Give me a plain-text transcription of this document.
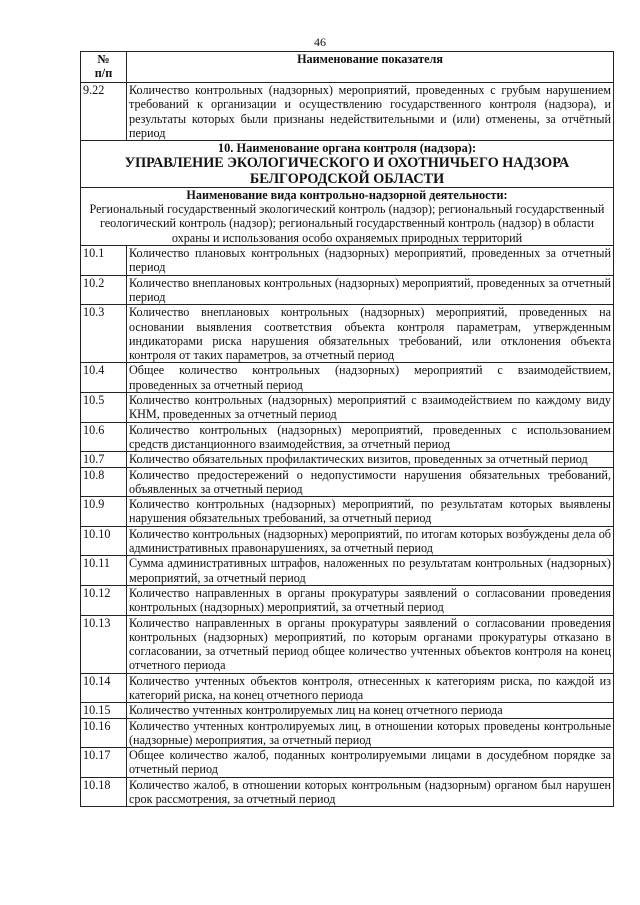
46
№
п/п	Наименование показателя
9.22	Количество контрольных (надзорных) мероприятий, проведенных с грубым нарушением требований к организации и осуществлению государственного контроля (надзора), и результаты которых были признаны недействительными и (или) отменены, за отчётный период

10. Наименование органа контроля (надзора):
УПРАВЛЕНИЕ ЭКОЛОГИЧЕСКОГО И ОХОТНИЧЬЕГО НАДЗОРА
БЕЛГОРОДСКОЙ ОБЛАСТИ	

Наименование вида контрольно-надзорной деятельности:
Региональный государственный экологический контроль (надзор); региональный государственный геологический контроль (надзор); региональный государственный контроль (надзор) в области охраны и использования особо охраняемых природных территорий	

10.1	Количество плановых контрольных (надзорных) мероприятий, проведенных за отчетный период
10.2	Количество внеплановых контрольных (надзорных) мероприятий, проведенных за отчетный период
10.3	Количество внеплановых контрольных (надзорных) мероприятий, проведенных на основании выявления соответствия объекта контроля параметрам, утвержденным индикаторами риска нарушения обязательных требований, или отклонения объекта контроля от таких параметров, за отчетный период
10.4	Общее количество контрольных (надзорных) мероприятий с взаимодействием, проведенных за отчетный период
10.5	Количество контрольных (надзорных) мероприятий с взаимодействием по каждому виду КНМ, проведенных за отчетный период
10.6	Количество контрольных (надзорных) мероприятий, проведенных с использованием средств дистанционного взаимодействия, за отчетный период
10.7	Количество обязательных профилактических визитов, проведенных за отчетный период
10.8	Количество предостережений о недопустимости нарушения обязательных требований, объявленных за отчетный период
10.9	Количество контрольных (надзорных) мероприятий, по результатам которых выявлены нарушения обязательных требований, за отчетный период
10.10	Количество контрольных (надзорных) мероприятий, по итогам которых возбуждены дела об административных правонарушениях, за отчетный период
10.11	Сумма административных штрафов, наложенных по результатам контрольных (надзорных) мероприятий, за отчетный период
10.12	Количество направленных в органы прокуратуры заявлений о согласовании проведения контрольных (надзорных) мероприятий, за отчетный период
10.13	Количество направленных в органы прокуратуры заявлений о согласовании проведения контрольных (надзорных) мероприятий, по которым органами прокуратуры отказано в согласовании, за отчетный период общее количество учтенных объектов контроля на конец отчетного периода
10.14	Количество учтенных объектов контроля, отнесенных к категориям риска, по каждой из категорий риска, на конец отчетного периода
10.15	Количество учтенных контролируемых лиц на конец отчетного периода
10.16	Количество учтенных контролируемых лиц, в отношении которых проведены контрольные (надзорные) мероприятия, за отчетный период
10.17	Общее количество жалоб, поданных контролируемыми лицами в досудебном порядке за отчетный период
10.18	Количество жалоб, в отношении которых контрольным (надзорным) органом был нарушен срок рассмотрения, за отчетный период
